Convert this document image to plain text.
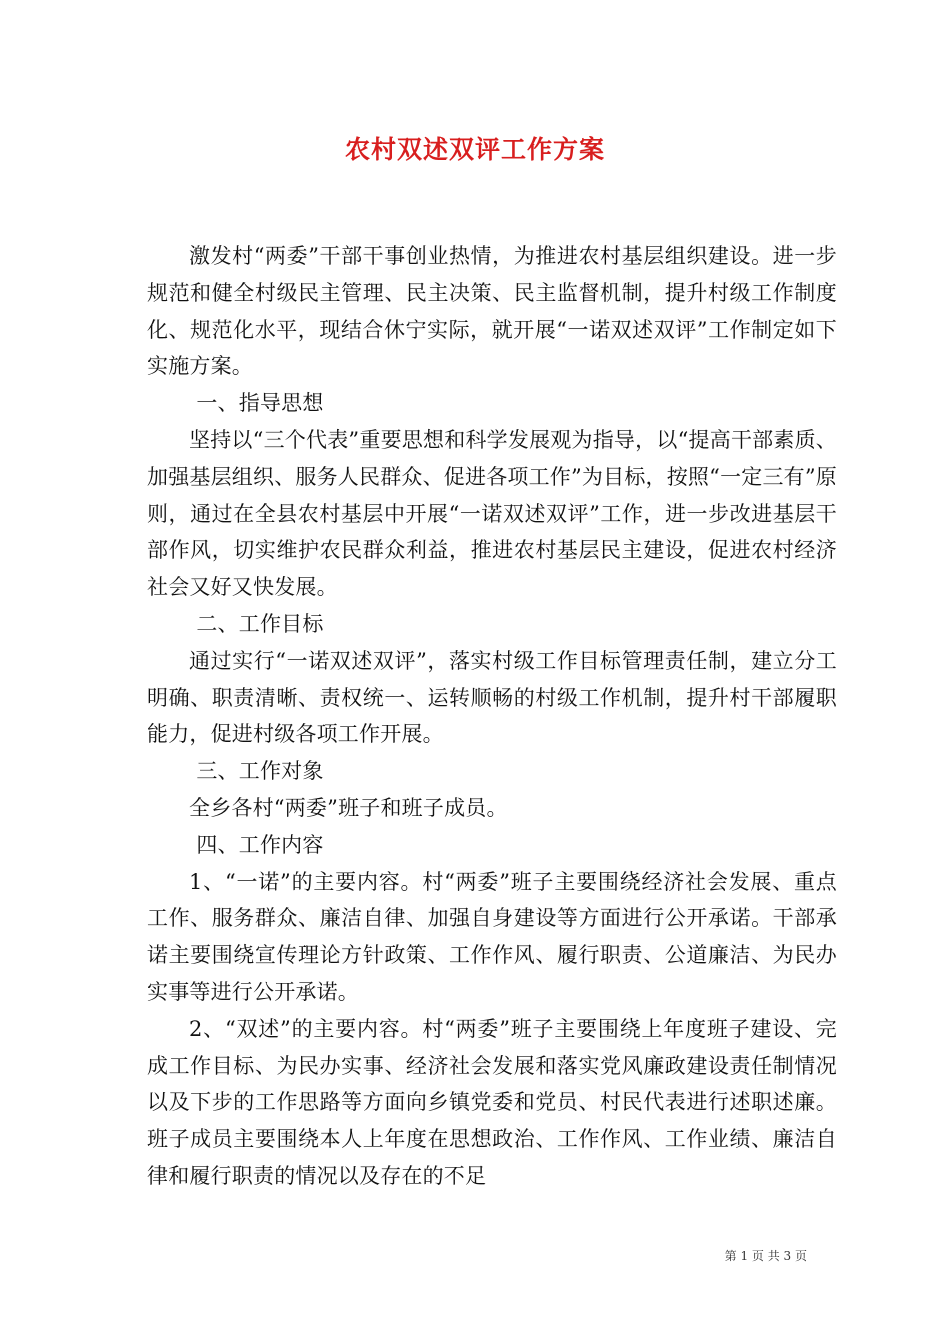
农村双述双评工作方案

激发村“两委”干部干事创业热情，为推进农村基层组织建设。进一步规范和健全村级民主管理、民主决策、民主监督机制，提升村级工作制度化、规范化水平，现结合休宁实际，就开展“一诺双述双评”工作制定如下实施方案。

一、指导思想

坚持以“三个代表”重要思想和科学发展观为指导，以“提高干部素质、加强基层组织、服务人民群众、促进各项工作”为目标，按照“一定三有”原则，通过在全县农村基层中开展“一诺双述双评”工作，进一步改进基层干部作风，切实维护农民群众利益，推进农村基层民主建设，促进农村经济社会又好又快发展。

二、工作目标

通过实行“一诺双述双评”，落实村级工作目标管理责任制，建立分工明确、职责清晰、责权统一、运转顺畅的村级工作机制，提升村干部履职能力，促进村级各项工作开展。

三、工作对象

全乡各村“两委”班子和班子成员。

四、工作内容

1、“一诺”的主要内容。村“两委”班子主要围绕经济社会发展、重点工作、服务群众、廉洁自律、加强自身建设等方面进行公开承诺。干部承诺主要围绕宣传理论方针政策、工作作风、履行职责、公道廉洁、为民办实事等进行公开承诺。

2、“双述”的主要内容。村“两委”班子主要围绕上年度班子建设、完成工作目标、为民办实事、经济社会发展和落实党风廉政建设责任制情况以及下步的工作思路等方面向乡镇党委和党员、村民代表进行述职述廉。班子成员主要围绕本人上年度在思想政治、工作作风、工作业绩、廉洁自律和履行职责的情况以及存在的不足

第 1 页 共 3 页
